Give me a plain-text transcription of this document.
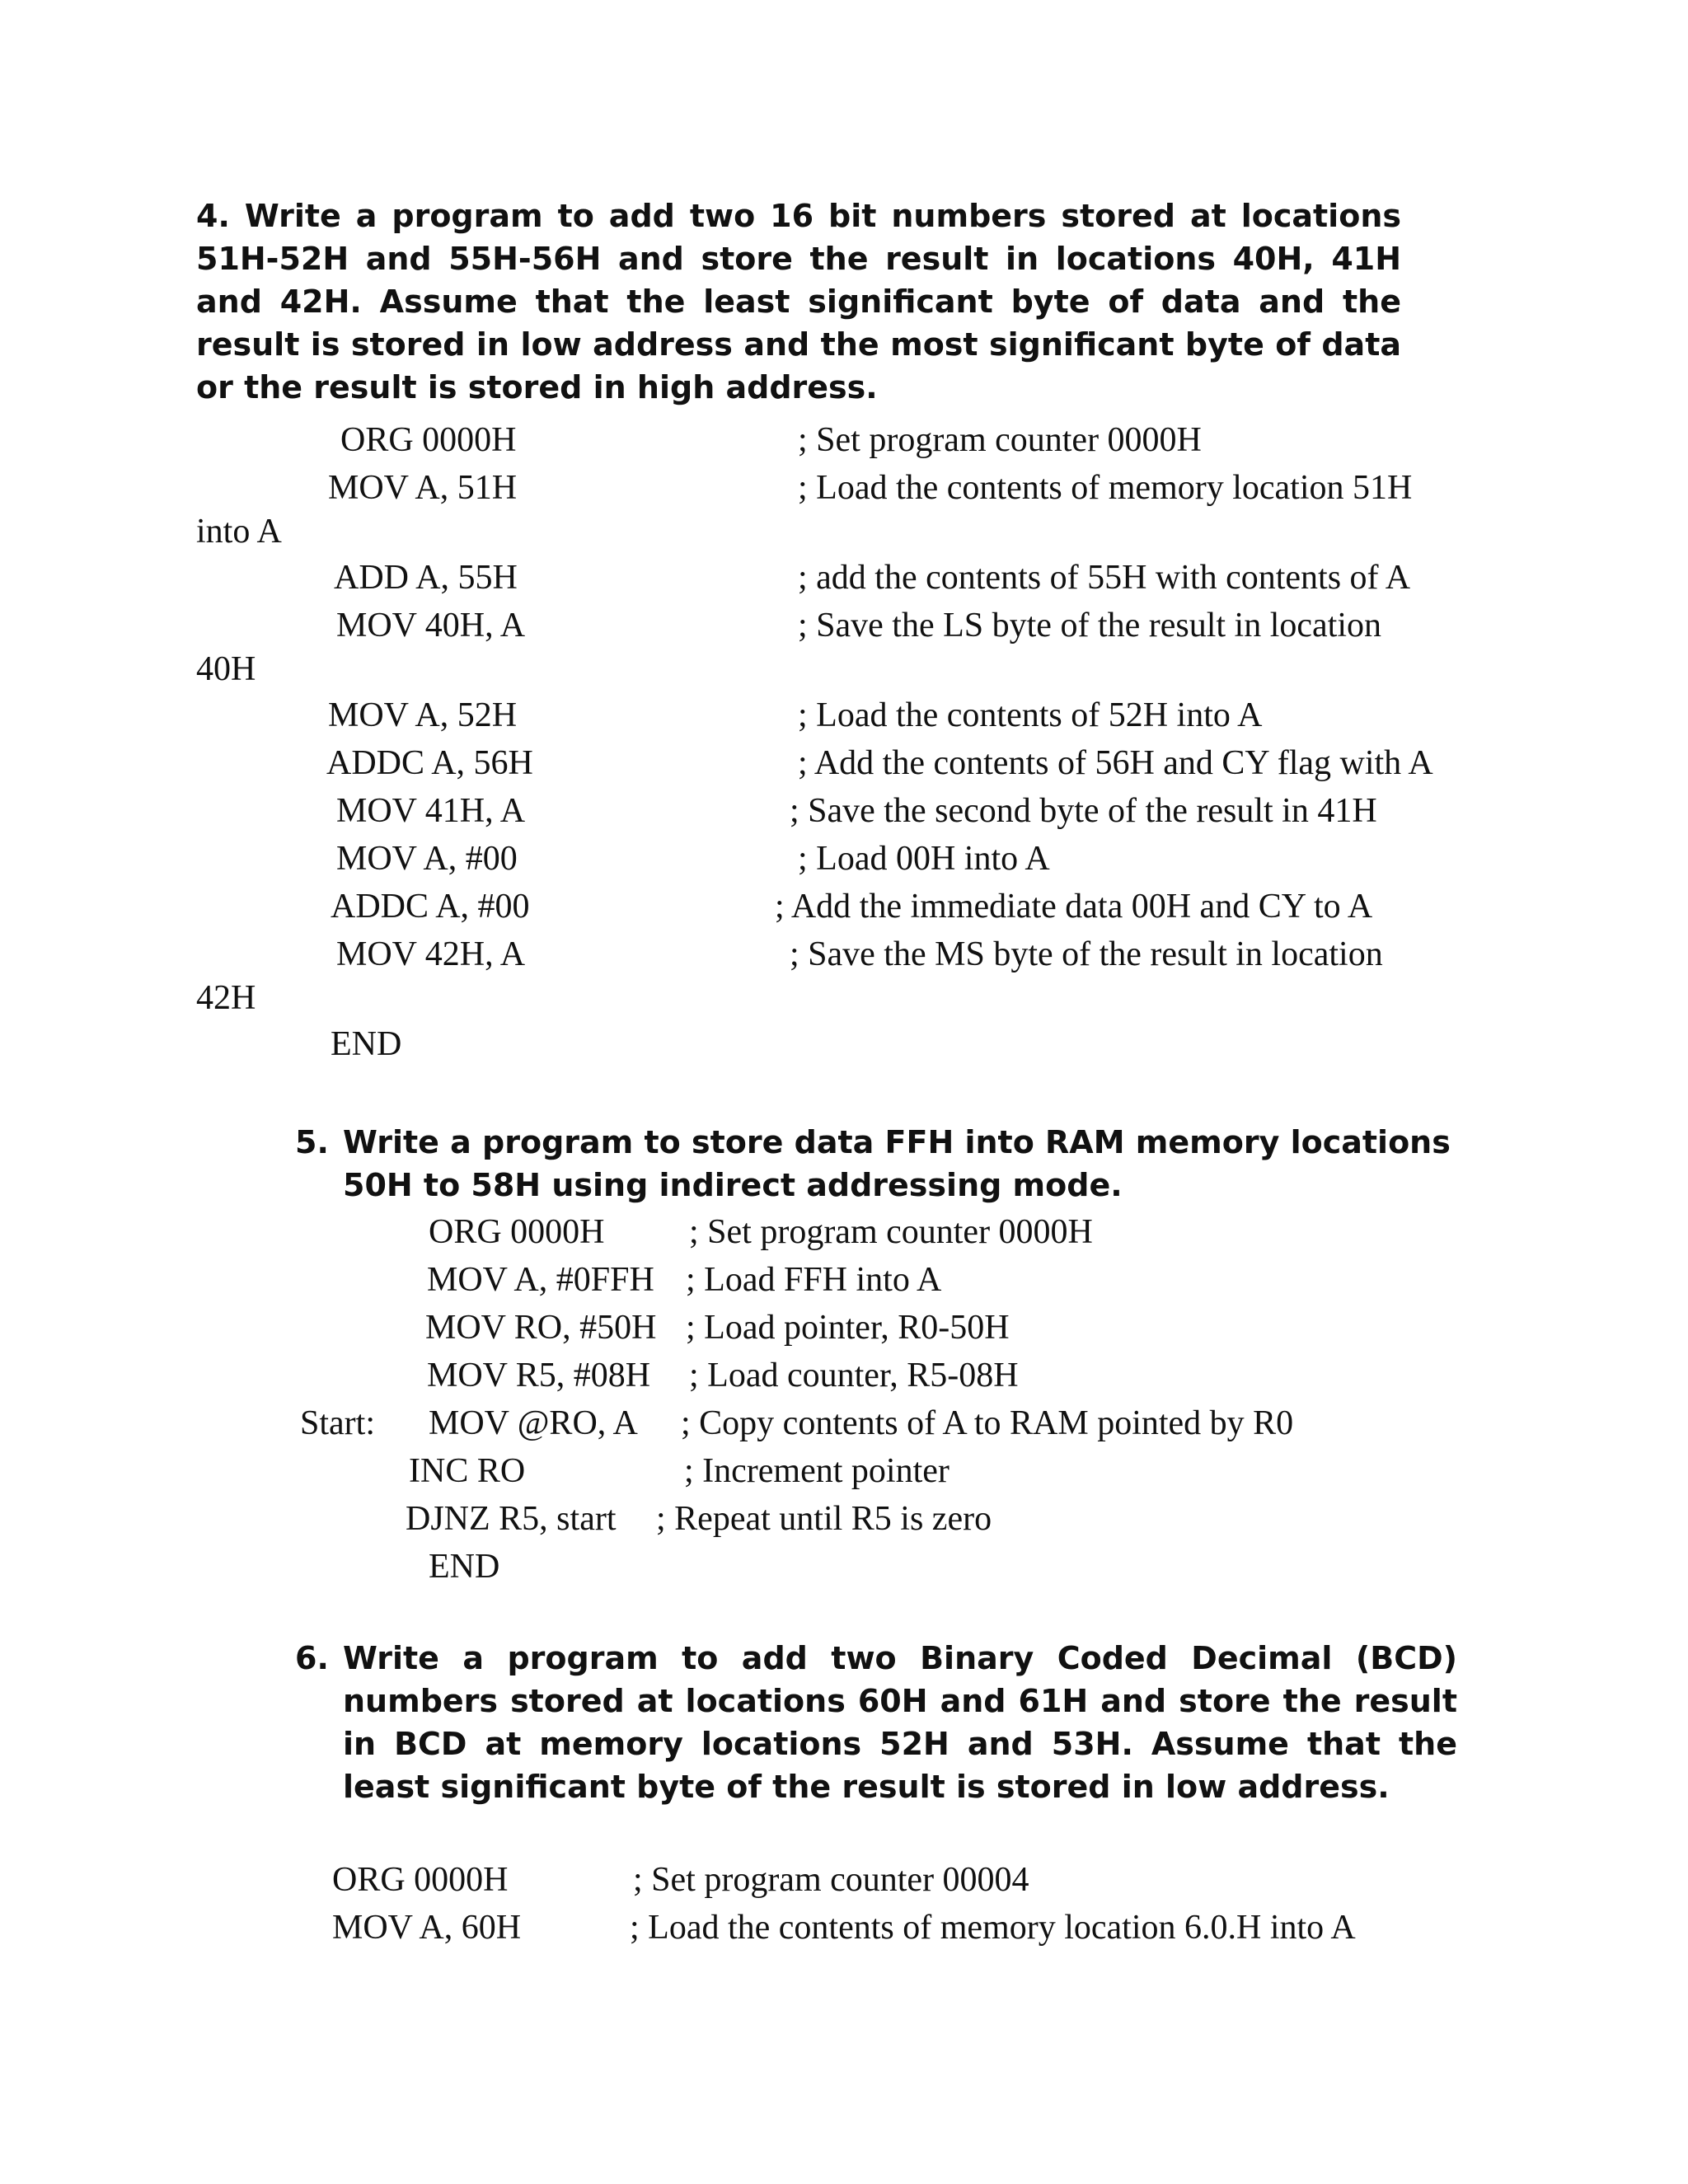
4. Write a program to add two 16 bit numbers stored at locations 51H-52H and 55H-56H and store the result in locations 40H, 41H and 42H. Assume that the least significant byte of data and the result is stored in low address and the most significant byte of data or the result is stored in high address.

ORG 0000H	; Set program counter 0000H
MOV A, 51H	; Load the contents of memory location 51H
into A
ADD A, 55H	; add the contents of 55H with contents of A
MOV 40H, A	; Save the LS byte of the result in location
40H
MOV A, 52H	; Load the contents of 52H into A
ADDC A, 56H	; Add the contents of 56H and CY flag with A
MOV 41H, A	; Save the second byte of the result in 41H
MOV A, #00	; Load 00H into A
ADDC A, #00	; Add the immediate data 00H and CY to A
MOV 42H, A	; Save the MS byte of the result in location
42H
END
5. Write a program to store data FFH into RAM memory locations 50H to 58H using indirect addressing mode.

ORG 0000H ; Set program counter 0000H
MOV A, #0FFH ; Load FFH into A
MOV RO, #50H ; Load pointer, R0-50H
MOV R5, #08H ; Load counter, R5-08H
Start: MOV @RO, A ; Copy contents of A to RAM pointed by R0
INC RO	; Increment pointer
DJNZ R5, start ; Repeat until R5 is zero
END
6. Write a program to add two Binary Coded Decimal (BCD) numbers stored at locations 60H and 61H and store the result in BCD at memory locations 52H and 53H. Assume that the least significant byte of the result is stored in low address.

ORG 0000H	; Set program counter 00004
MOV A, 60H	; Load the contents of memory location 6.0.H into A
